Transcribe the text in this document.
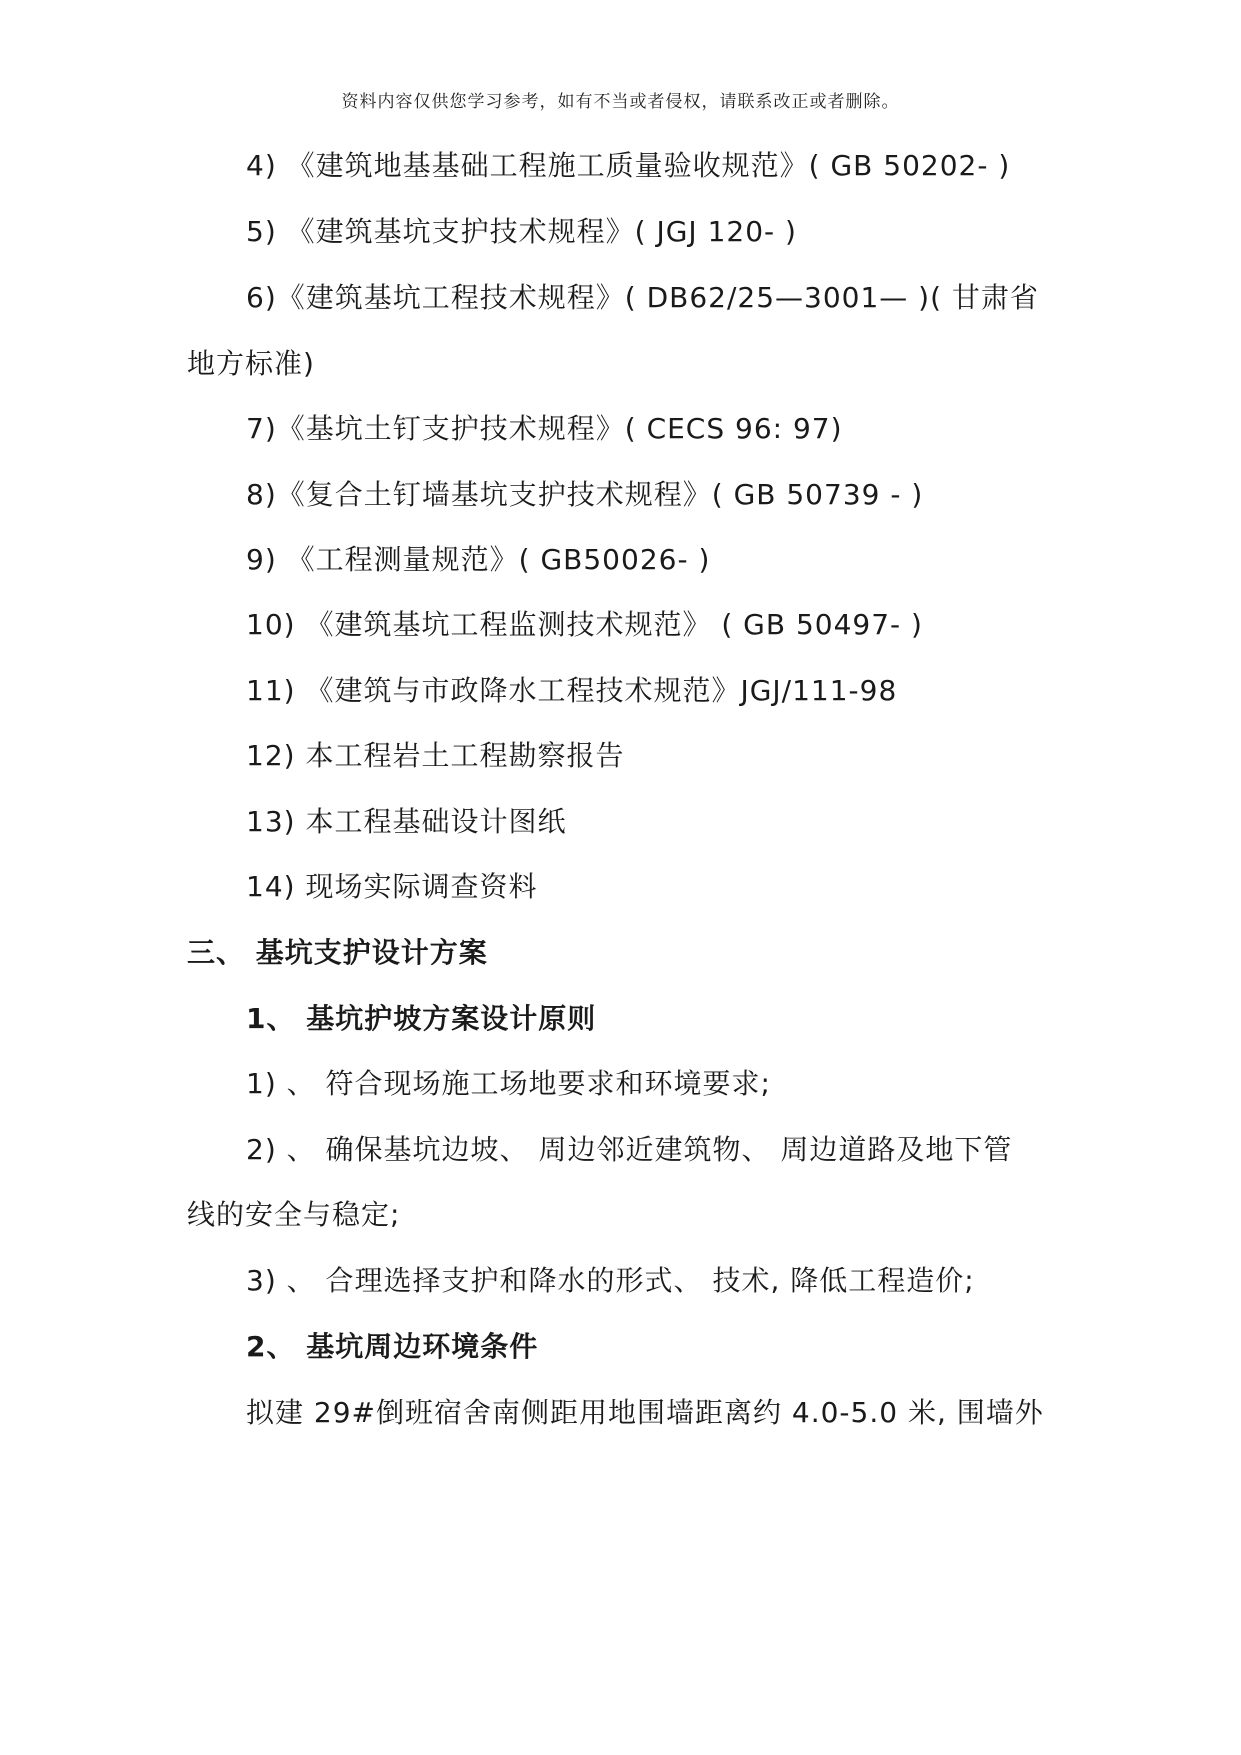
资料内容仅供您学习参考，如有不当或者侵权，请联系改正或者删除。
4) 《建筑地基基础工程施工质量验收规范》( GB 50202- )
5) 《建筑基坑支护技术规程》( JGJ 120- )
6)《建筑基坑工程技术规程》( DB62/25—3001— )( 甘肃省
地方标准)
7)《基坑土钉支护技术规程》( CECS 96: 97)
8)《复合土钉墙基坑支护技术规程》( GB 50739 - )
9) 《工程测量规范》( GB50026- )
10) 《建筑基坑工程监测技术规范》 ( GB 50497- )
11) 《建筑与市政降水工程技术规范》JGJ/111-98
12) 本工程岩土工程勘察报告
13) 本工程基础设计图纸
14) 现场实际调查资料
三、 基坑支护设计方案
1、 基坑护坡方案设计原则
1) 、 符合现场施工场地要求和环境要求;
2) 、 确保基坑边坡、 周边邻近建筑物、 周边道路及地下管
线的安全与稳定;
3) 、 合理选择支护和降水的形式、 技术, 降低工程造价;
2、 基坑周边环境条件
拟建 29#倒班宿舍南侧距用地围墙距离约 4.0-5.0 米, 围墙外
